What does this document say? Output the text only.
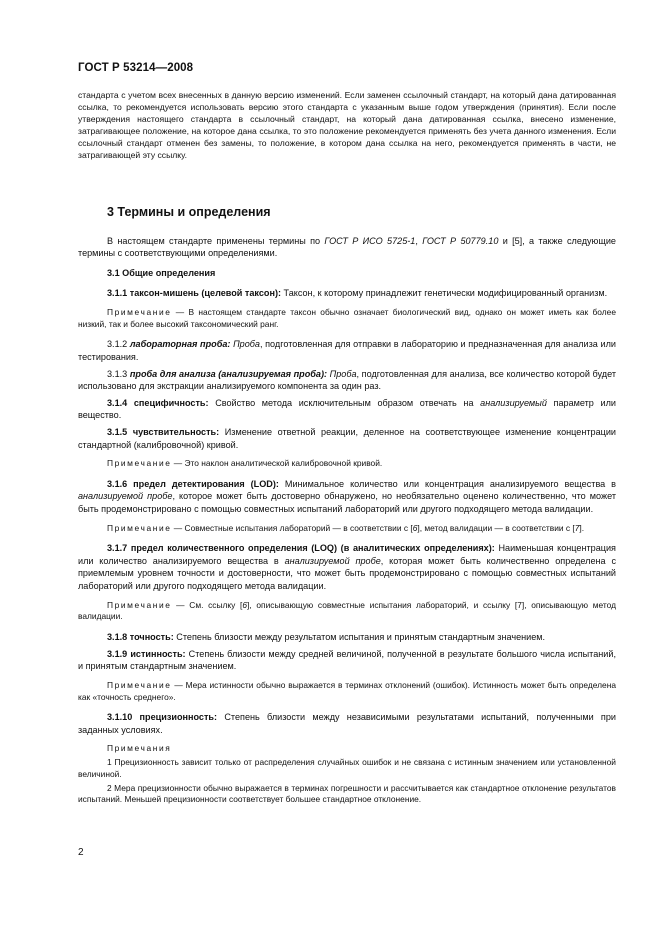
ГОСТ Р 53214—2008

стандарта с учетом всех внесенных в данную версию изменений. Если заменен ссылочный стандарт, на который дана датированная ссылка, то рекомендуется использовать версию этого стандарта с указанным выше годом утверждения (принятия). Если после утверждения настоящего стандарта в ссылочный стандарт, на который дана датированная ссылка, внесено изменение, затрагивающее положение, на которое дана ссылка, то это положение рекомендуется применять без учета данного изменения. Если ссылочный стандарт отменен без замены, то положение, в котором дана ссылка на него, рекомендуется применять в части, не затрагивающей эту ссылку.

3 Термины и определения

В настоящем стандарте применены термины по ГОСТ Р ИСО 5725-1, ГОСТ Р 50779.10 и [5], а также следующие термины с соответствующими определениями.

3.1 Общие определения

3.1.1 таксон-мишень (целевой таксон): Таксон, к которому принадлежит генетически модифицированный организм.

Примечание — В настоящем стандарте таксон обычно означает биологический вид, однако он может иметь как более низкий, так и более высокий таксономический ранг.

3.1.2 лабораторная проба: Проба, подготовленная для отправки в лабораторию и предназначенная для анализа или тестирования.

3.1.3 проба для анализа (анализируемая проба): Проба, подготовленная для анализа, все количество которой будет использовано для экстракции анализируемого компонента за один раз.

3.1.4 специфичность: Свойство метода исключительным образом отвечать на анализируемый параметр или вещество.

3.1.5 чувствительность: Изменение ответной реакции, деленное на соответствующее изменение концентрации стандартной (калибровочной) кривой.

Примечание — Это наклон аналитической калибровочной кривой.

3.1.6 предел детектирования (LOD): Минимальное количество или концентрация анализируемого вещества в анализируемой пробе, которое может быть достоверно обнаружено, но необязательно оценено количественно, что может быть продемонстрировано с помощью совместных испытаний лабораторий или другого подходящего метода валидации.

Примечание — Совместные испытания лабораторий — в соответствии с [6], метод валидации — в соответствии с [7].

3.1.7 предел количественного определения (LOQ) (в аналитических определениях): Наименьшая концентрация или количество анализируемого вещества в анализируемой пробе, которая может быть количественно определена с приемлемым уровнем точности и достоверности, что может быть продемонстрировано с помощью совместных испытаний лабораторий или другого подходящего метода валидации.

Примечание — См. ссылку [6], описывающую совместные испытания лабораторий, и ссылку [7], описывающую метод валидации.

3.1.8 точность: Степень близости между результатом испытания и принятым стандартным значением.

3.1.9 истинность: Степень близости между средней величиной, полученной в результате большого числа испытаний, и принятым стандартным значением.

Примечание — Мера истинности обычно выражается в терминах отклонений (ошибок). Истинность может быть определена как «точность среднего».

3.1.10 прецизионность: Степень близости между независимыми результатами испытаний, полученными при заданных условиях.

Примечания

1 Прецизионность зависит только от распределения случайных ошибок и не связана с истинным значением или установленной величиной.

2 Мера прецизионности обычно выражается в терминах погрешности и рассчитывается как стандартное отклонение результатов испытаний. Меньшей прецизионности соответствует большее стандартное отклонение.

2
